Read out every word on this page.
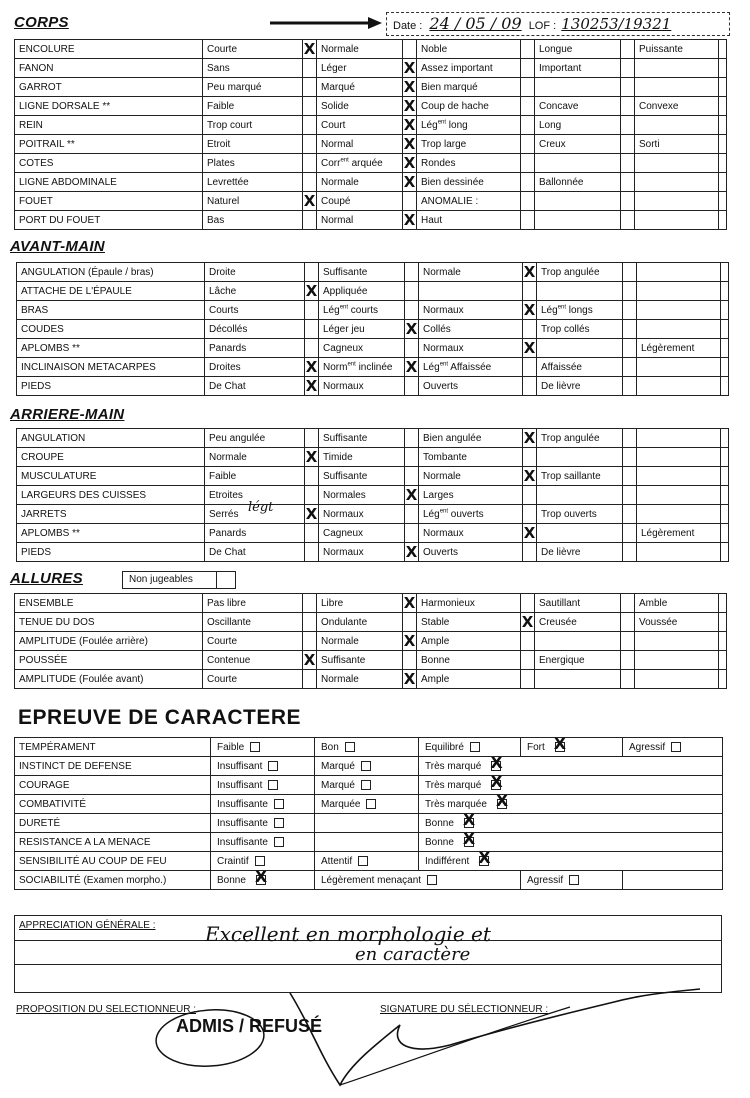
CORPS	Date : 24 / 05 / 09 LOF : 130253/19321
ENCOLURE	Courte	X	Normale		Noble		Longue		Puissante	
FANON	Sans		Léger	X	Assez important		Important			
GARROT	Peu marqué		Marqué	X	Bien marqué					
LIGNE DORSALE **	Faible		Solide	X	Coup de hache		Concave		Convexe	
REIN	Trop court		Court	X	Lég$^{ent}$ long		Long			
POITRAIL **	Etroit		Normal	X	Trop large		Creux		Sorti	
COTES	Plates		Corr$^{ent}$ arquée	X	Rondes					
LIGNE ABDOMINALE	Levrettée		Normale	X	Bien dessinée		Ballonnée			
FOUET	Naturel	X	Coupé		ANOMALIE :					
PORT DU FOUET	Bas		Normal	X	Haut					
AVANT-MAIN
ANGULATION (Épaule / bras)	Droite		Suffisante		Normale	X	Trop angulée			
ATTACHE DE L'ÉPAULE	Lâche	X	Appliquée							
BRAS	Courts		Lég$^{ent}$ courts		Normaux	X	Lég$^{ent}$ longs			
COUDES	Décollés		Léger jeu	X	Collés		Trop collés			
APLOMBS **	Panards		Cagneux		Normaux	X			Légèrement	
INCLINAISON METACARPES	Droites	X	Norm$^{ent}$ inclinée	X	Lég$^{ent}$ Affaissée		Affaissée			
PIEDS	De Chat	X	Normaux		Ouverts		De lièvre			
ARRIERE-MAIN
ANGULATION	Peu angulée		Suffisante		Bien angulée	X	Trop angulée			
CROUPE	Normale	X	Timide		Tombante					
MUSCULATURE	Faible		Suffisante		Normale	X	Trop saillante			
LARGEURS DES CUISSES	Etroites		Normales	X	Larges					
JARRETS	Serrés	X	Normaux		Lég$^{ent}$ ouverts		Trop ouverts			
APLOMBS **	Panards		Cagneux		Normaux	X			Légèrement	
PIEDS	De Chat		Normaux	X	Ouverts		De lièvre			
légt
ALLURES	Non jugeables
ENSEMBLE	Pas libre		Libre	X	Harmonieux		Sautillant		Amble	
TENUE DU DOS	Oscillante		Ondulante		Stable	X	Creusée		Voussée	
AMPLITUDE (Foulée arrière)	Courte		Normale	X	Ample					
POUSSÉE	Contenue	X	Suffisante		Bonne		Energique			
AMPLITUDE (Foulée avant)	Courte		Normale	X	Ample					
EPREUVE DE CARACTERE
TEMPÉRAMENT	Faible	Bon	Equilibré	FortX	Agressif
INSTINCT DE DEFENSE	Insuffisant	Marqué	Très marquéX
COURAGE	Insuffisant	Marqué	Très marquéX
COMBATIVITÉ	Insuffisante	Marquée	Très marquéeX
DURETÉ	Insuffisante		BonneX
RESISTANCE A LA MENACE	Insuffisante		BonneX
SENSIBILITÉ AU COUP DE FEU	Craintif	Attentif	IndifférentX
SOCIABILITÉ (Examen morpho.)	BonneX	Légèrement menaçant		Agressif	
APPRECIATION GÉNÉRALE : Excellent en morphologie et
en caractère
PROPOSITION DU SELECTIONNEUR :	SIGNATURE DU SÉLECTIONNEUR :
ADMIS / REFUSÉ
